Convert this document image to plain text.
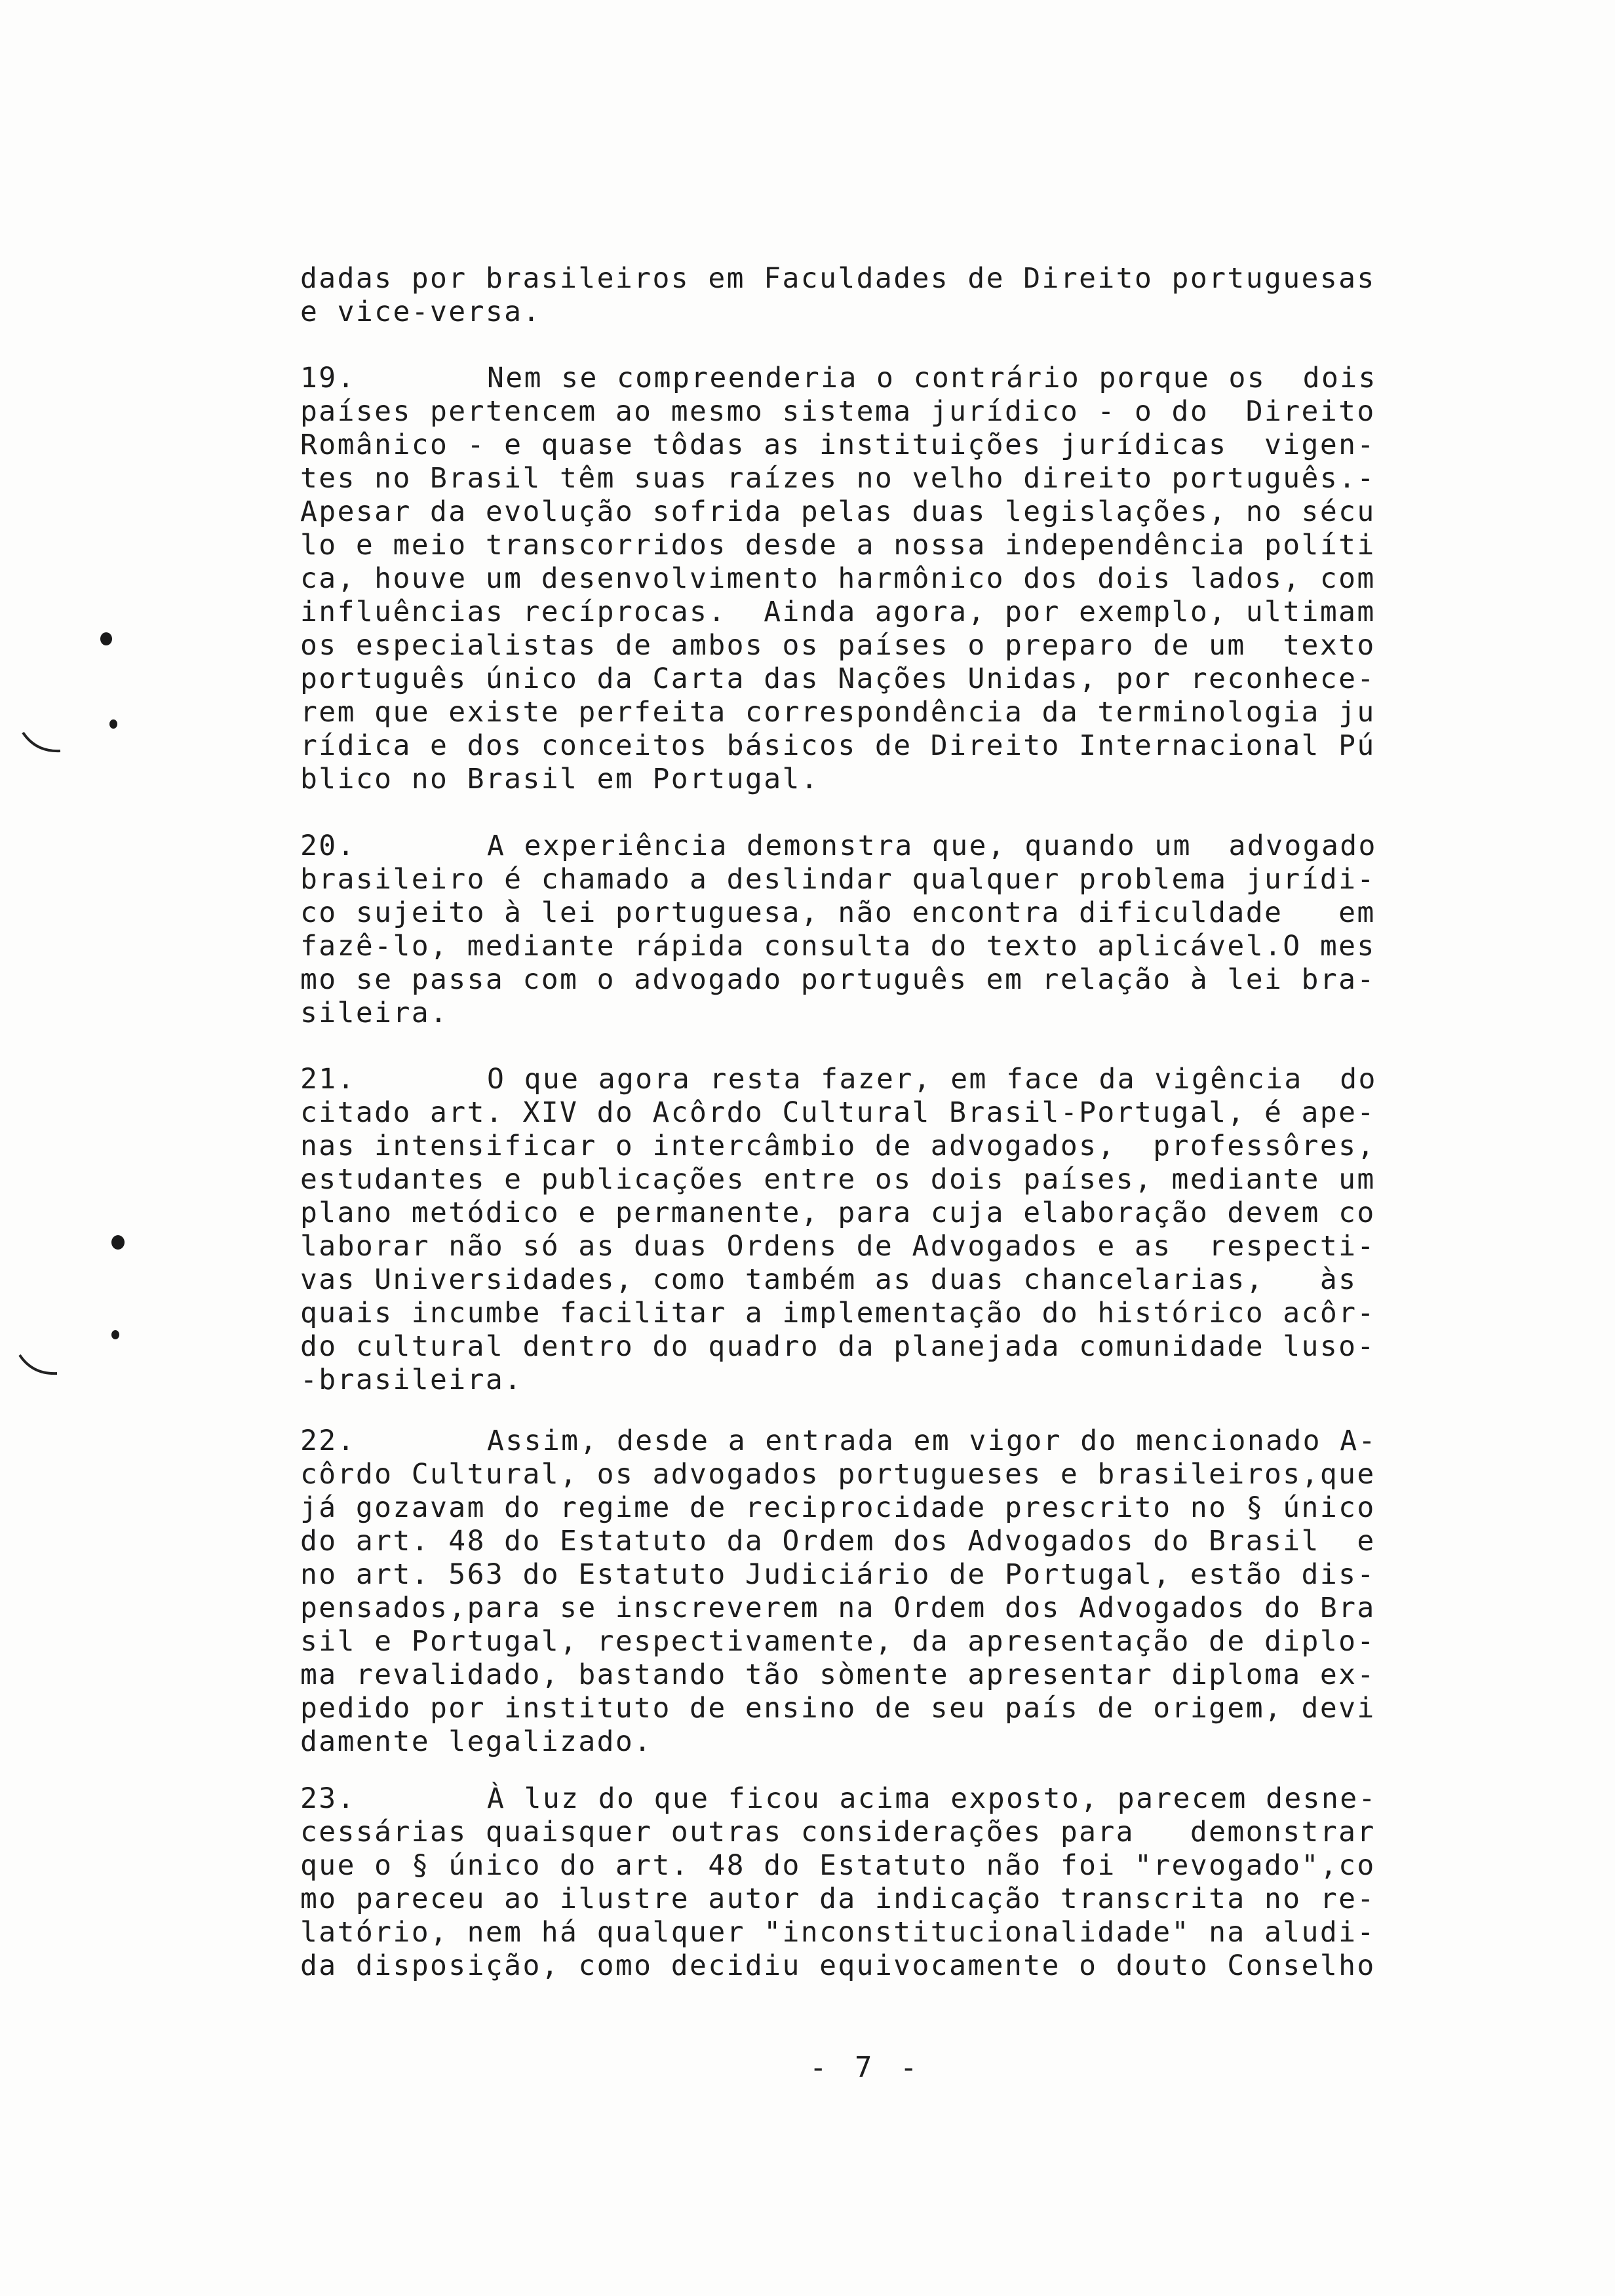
dadas por brasileiros em Faculdades de Direito portuguesas
e vice-versa.
19.	Nem se compreenderia o contrário porque os  dois
países pertencem ao mesmo sistema jurídico - o do  Direito
Românico - e quase tôdas as instituições jurídicas  vigen-
tes no Brasil têm suas raízes no velho direito português.-
Apesar da evolução sofrida pelas duas legislações, no sécu
lo e meio transcorridos desde a nossa independência políti
ca, houve um desenvolvimento harmônico dos dois lados, com
influências recíprocas.  Ainda agora, por exemplo, ultimam
os especialistas de ambos os países o preparo de um  texto
português único da Carta das Nações Unidas, por reconhece-
rem que existe perfeita correspondência da terminologia ju
rídica e dos conceitos básicos de Direito Internacional Pú
blico no Brasil em Portugal.
20.	A experiência demonstra que, quando um  advogado
brasileiro é chamado a deslindar qualquer problema jurídi-
co sujeito à lei portuguesa, não encontra dificuldade   em
fazê-lo, mediante rápida consulta do texto aplicável.O mes
mo se passa com o advogado português em relação à lei bra-
sileira.
21.	O que agora resta fazer, em face da vigência  do
citado art. XIV do Acôrdo Cultural Brasil-Portugal, é ape-
nas intensificar o intercâmbio de advogados,  professôres,
estudantes e publicações entre os dois países, mediante um
plano metódico e permanente, para cuja elaboração devem co
laborar não só as duas Ordens de Advogados e as  respecti-
vas Universidades, como também as duas chancelarias,   às
quais incumbe facilitar a implementação do histórico acôr-
do cultural dentro do quadro da planejada comunidade luso-
-brasileira.
22.	Assim, desde a entrada em vigor do mencionado A-
côrdo Cultural, os advogados portugueses e brasileiros,que
já gozavam do regime de reciprocidade prescrito no § único
do art. 48 do Estatuto da Ordem dos Advogados do Brasil  e
no art. 563 do Estatuto Judiciário de Portugal, estão dis-
pensados,para se inscreverem na Ordem dos Advogados do Bra
sil e Portugal, respectivamente, da apresentação de diplo-
ma revalidado, bastando tão sòmente apresentar diploma ex-
pedido por instituto de ensino de seu país de origem, devi
damente legalizado.
23.	À luz do que ficou acima exposto, parecem desne-
cessárias quaisquer outras considerações para   demonstrar
que o § único do art. 48 do Estatuto não foi "revogado",co
mo pareceu ao ilustre autor da indicação transcrita no re-
latório, nem há qualquer "inconstitucionalidade" na aludi-
da disposição, como decidiu equivocamente o douto Conselho
- 7 -
